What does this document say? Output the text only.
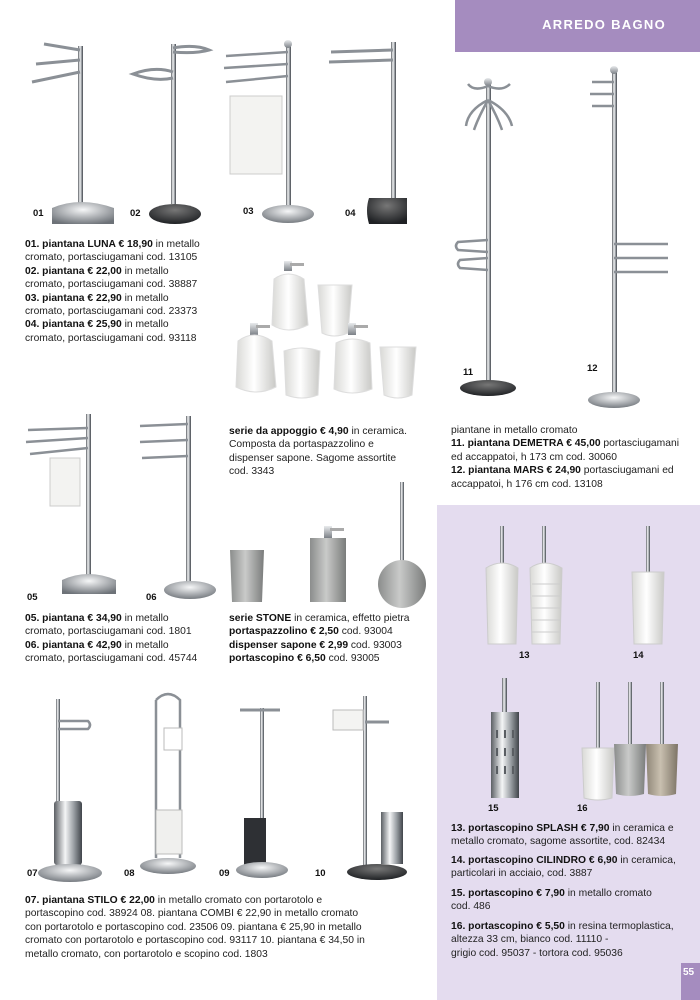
ARREDO BAGNO
01	02	03	04
01. piantana LUNA € 18,90 in metallo
cromato, portasciugamani cod. 13105
02. piantana € 22,00 in metallo
cromato, portasciugamani cod. 38887
03. piantana € 22,90 in metallo
cromato, portasciugamani cod. 23373
04. piantana € 25,90 in metallo
cromato, portasciugamani cod. 93118
serie da appoggio € 4,90 in ceramica.
Composta da portaspazzolino e
dispenser sapone. Sagome assortite
cod. 3343
11	12
piantane in metallo cromato
11. piantana DEMETRA € 45,00 portasciugamani
ed accappatoi, h 173 cm cod. 30060
12. piantana MARS € 24,90 portasciugamani ed
accappatoi, h 176 cm cod. 13108
05	06
serie STONE in ceramica, effetto pietra
portaspazzolino € 2,50 cod. 93004
dispenser sapone € 2,99 cod. 93003
portascopino € 6,50 cod. 93005
05. piantana € 34,90 in metallo
cromato, portasciugamani cod. 1801
06. piantana € 42,90 in metallo
cromato, portasciugamani cod. 45744
07	08	09	10
07. piantana STILO € 22,00 in metallo cromato con portarotolo e
portascopino cod. 38924 08. piantana COMBI € 22,90 in metallo cromato
con portarotolo e portascopino cod. 23506 09. piantana € 25,90 in metallo
cromato con portarotolo e portascopino cod. 93117 10. piantana € 34,50 in
metallo cromato, con portarotolo e scopino cod. 1803
13	14
15	16
13. portascopino SPLASH € 7,90 in ceramica e
metallo cromato, sagome assortite, cod. 82434
14. portascopino CILINDRO € 6,90 in ceramica,
particolari in acciaio, cod. 3887
15. portascopino € 7,90 in metallo cromato
cod. 486
16. portascopino € 5,50 in resina termoplastica,
altezza 33 cm, bianco cod. 11110 -
grigio cod. 95037 - tortora cod. 95036
55
